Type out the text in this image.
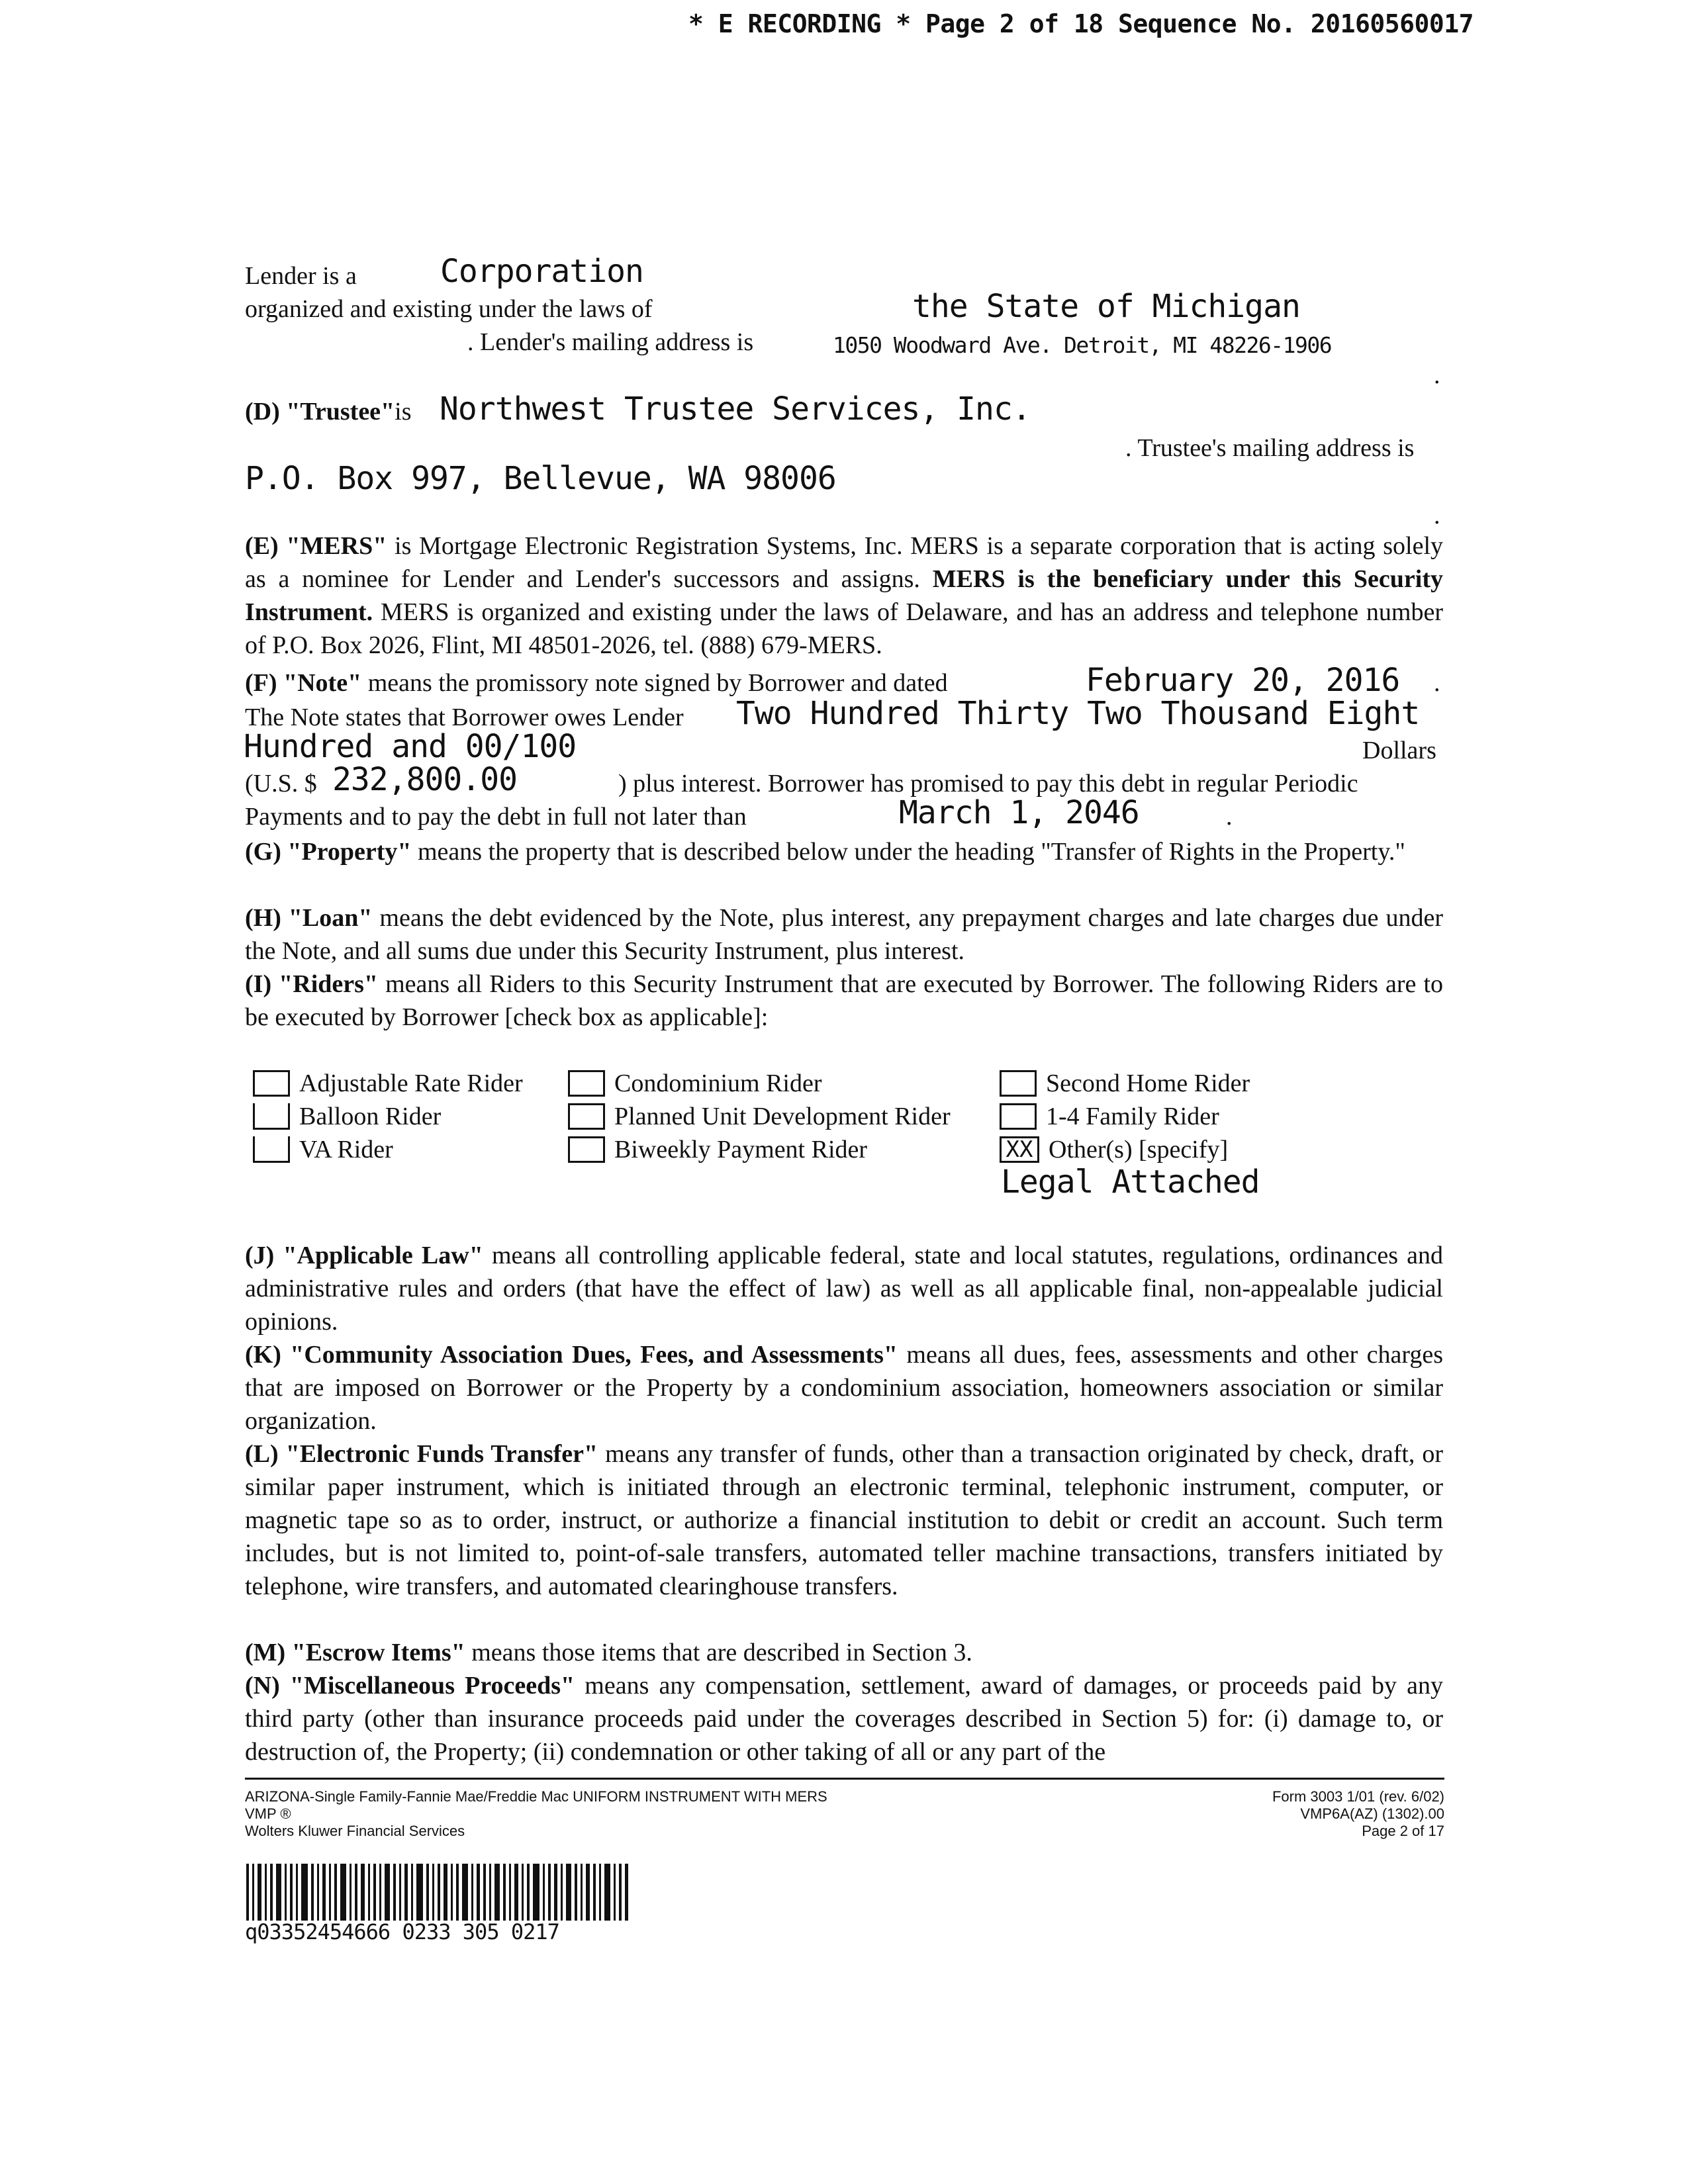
* E RECORDING * Page 2 of 18 Sequence No. 20160560017
Lender is a	Corporation
organized and existing under the laws of	the State of Michigan
. Lender's mailing address is	1050 Woodward Ave. Detroit, MI 48226-1906
.
(D) "Trustee"is Northwest Trustee Services, Inc.
. Trustee's mailing address is
P.O. Box 997, Bellevue, WA 98006
.
(E) "MERS" is Mortgage Electronic Registration Systems, Inc. MERS is a separate corporation that is acting solely as a nominee for Lender and Lender's successors and assigns. MERS is the beneficiary under this Security Instrument. MERS is organized and existing under the laws of Delaware, and has an address and telephone number of P.O. Box 2026, Flint, MI 48501-2026, tel. (888) 679-MERS.
(F) "Note" means the promissory note signed by Borrower and dated	February 20, 2016 .
The Note states that Borrower owes Lender Two Hundred Thirty Two Thousand Eight
Hundred and 00/100	Dollars
(U.S. $ 232,800.00	) plus interest. Borrower has promised to pay this debt in regular Periodic
Payments and to pay the debt in full not later than	March 1, 2046	.
(G) "Property" means the property that is described below under the heading "Transfer of Rights in the Property."
(H) "Loan" means the debt evidenced by the Note, plus interest, any prepayment charges and late charges due under the Note, and all sums due under this Security Instrument, plus interest.
(I) "Riders" means all Riders to this Security Instrument that are executed by Borrower. The following Riders are to be executed by Borrower [check box as applicable]:
Adjustable Rate Rider	Condominium Rider	Second Home Rider
Balloon Rider	Planned Unit Development Rider	1-4 Family Rider
VA Rider	Biweekly Payment Rider	XX Other(s) [specify]
Legal Attached
(J) "Applicable Law" means all controlling applicable federal, state and local statutes, regulations, ordinances and administrative rules and orders (that have the effect of law) as well as all applicable final, non-appealable judicial opinions.
(K) "Community Association Dues, Fees, and Assessments" means all dues, fees, assessments and other charges that are imposed on Borrower or the Property by a condominium association, homeowners association or similar organization.
(L) "Electronic Funds Transfer" means any transfer of funds, other than a transaction originated by check, draft, or similar paper instrument, which is initiated through an electronic terminal, telephonic instrument, computer, or magnetic tape so as to order, instruct, or authorize a financial institution to debit or credit an account. Such term includes, but is not limited to, point-of-sale transfers, automated teller machine transactions, transfers initiated by telephone, wire transfers, and automated clearinghouse transfers.
(M) "Escrow Items" means those items that are described in Section 3.
(N) "Miscellaneous Proceeds" means any compensation, settlement, award of damages, or proceeds paid by any third party (other than insurance proceeds paid under the coverages described in Section 5) for: (i) damage to, or destruction of, the Property; (ii) condemnation or other taking of all or any part of the
ARIZONA-Single Family-Fannie Mae/Freddie Mac UNIFORM INSTRUMENT WITH MERS
VMP ®
Wolters Kluwer Financial Services
Form 3003 1/01 (rev. 6/02)
VMP6A(AZ) (1302).00
Page 2 of 17
q03352454666 0233 305 0217
